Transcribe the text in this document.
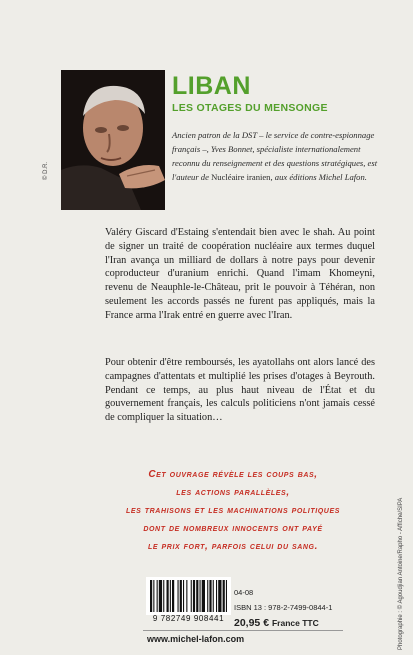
© D.R.
LIBAN
LES OTAGES DU MENSONGE
Ancien patron de la DST – le service de contre-espionnage français –, Yves Bonnet, spécialiste internationalement reconnu du renseignement et des questions stratégiques, est l'auteur de Nucléaire iranien, aux éditions Michel Lafon.
Valéry Giscard d'Estaing s'entendait bien avec le shah. Au point de signer un traité de coopération nucléaire aux termes duquel l'Iran avança un milliard de dollars à notre pays pour devenir coproducteur d'uranium enrichi. Quand l'imam Khomeyni, revenu de Neauphle-le-Château, prit le pouvoir à Téhéran, non seulement les accords passés ne furent pas appliqués, mais la France arma l'Irak entré en guerre avec l'Iran.
Pour obtenir d'être remboursés, les ayatollahs ont alors lancé des campagnes d'attentats et multiplié les prises d'otages à Beyrouth. Pendant ce temps, au plus haut niveau de l'État et du gouvernement français, les calculs politiciens n'ont jamais cessé de compliquer la situation…
Cet ouvrage révèle les coups bas,
les actions parallèles,
les trahisons et les machinations politiques
dont de nombreux innocents ont payé
le prix fort, parfois celui du sang.
9 782749 908441
04-08
ISBN 13 : 978-2-7499-0844-1
20,95 € France TTC
www.michel-lafon.com	Photographie : © Agoudjian Antoine/Rapho - Affiche/SIPA
